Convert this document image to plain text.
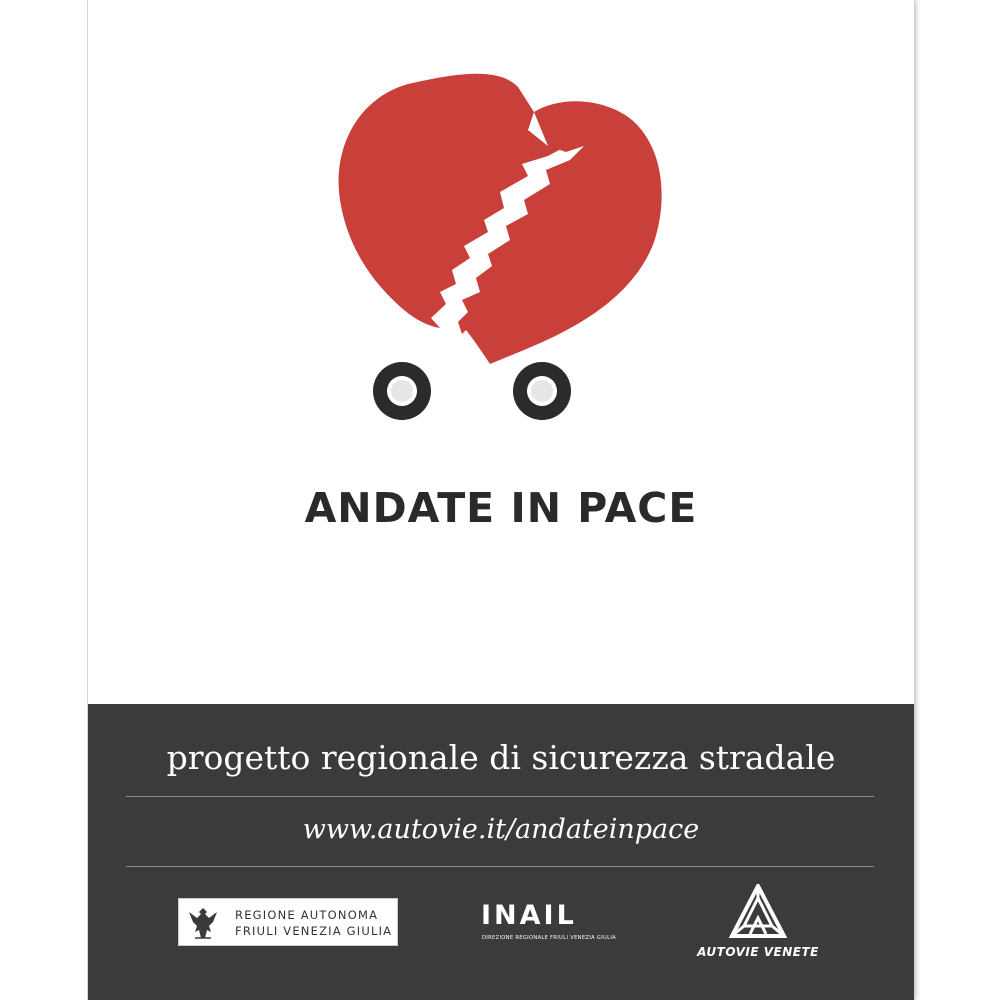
ANDATE IN PACE
progetto regionale di sicurezza stradale
www.autovie.it/andateinpace
REGIONE AUTONOMA
FRIULI VENEZIA GIULIA	INAIL
DIREZIONE REGIONALE FRIULI VENEZIA GIULIA
AUTOVIE VENETE
